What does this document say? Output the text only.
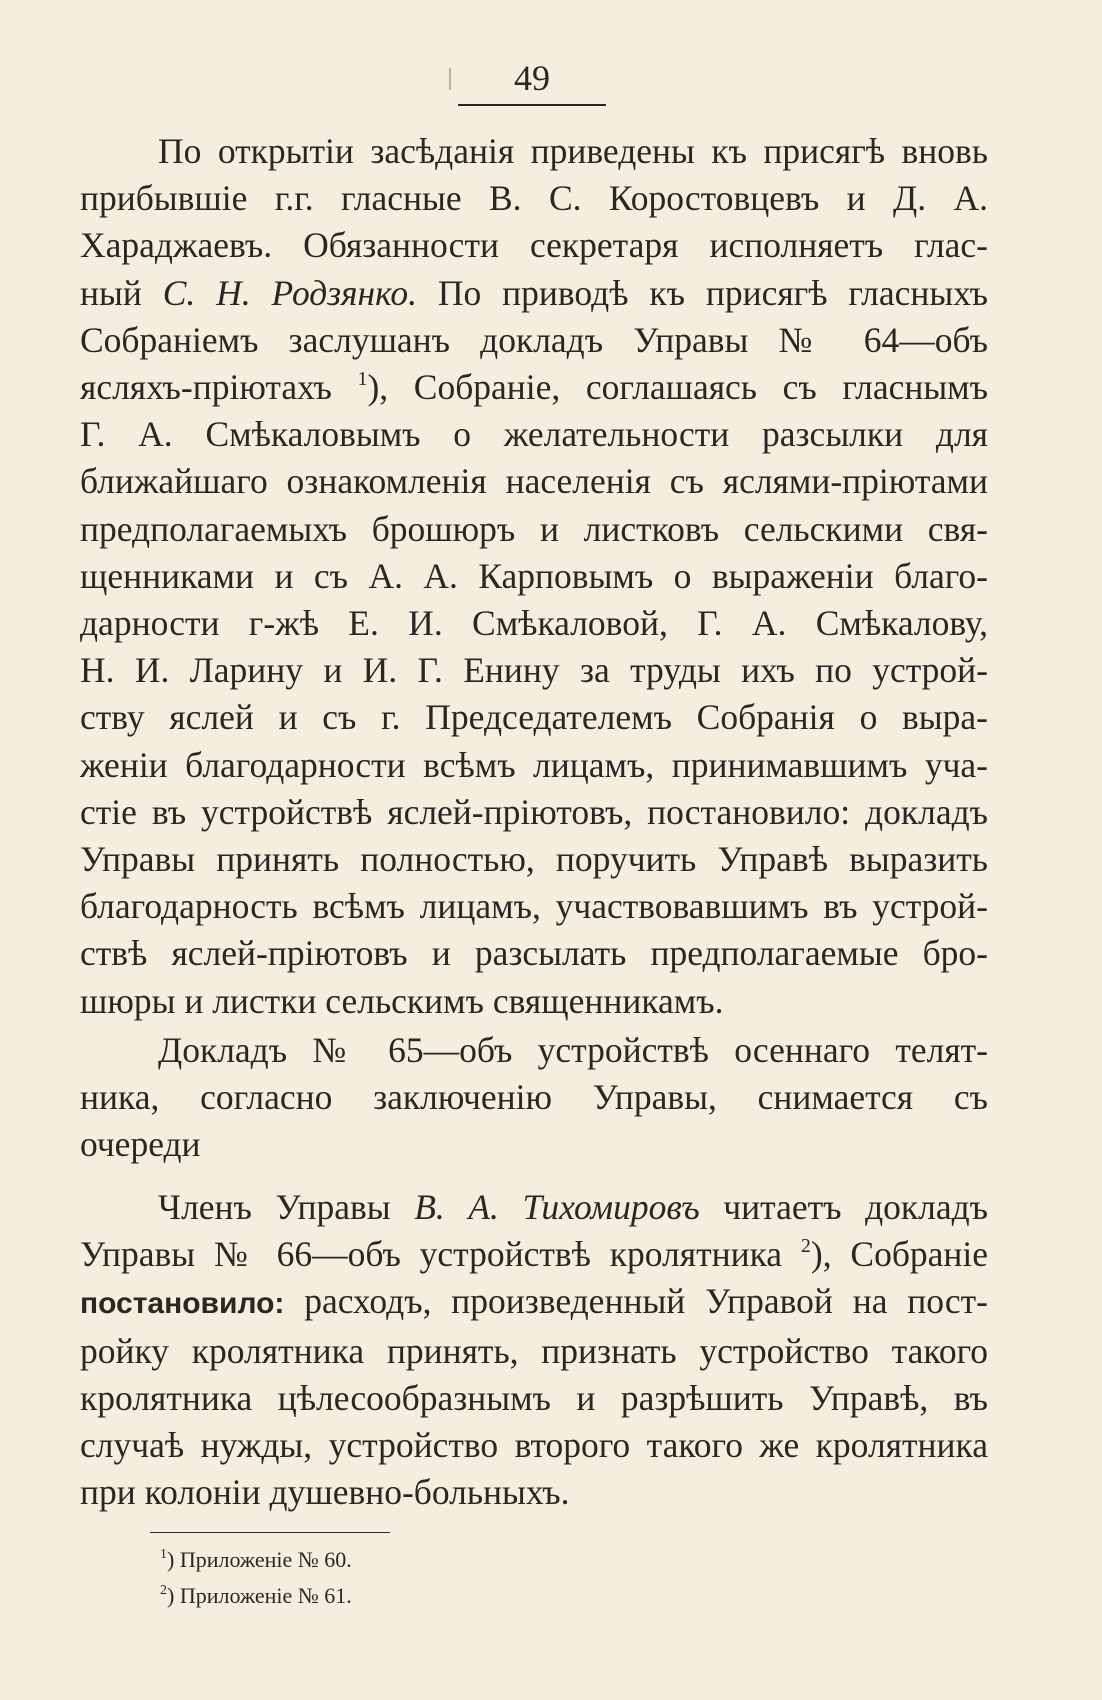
49
По открытіи засѣданія приведены къ присягѣ вновь
прибывшіе г.г. гласные В. С. Коростовцевъ и Д. А.
Хараджаевъ. Обязанности секретаря исполняетъ глас-
ный С. Н. Родзянко. По приводѣ къ присягѣ гласныхъ
Собраніемъ заслушанъ докладъ Управы № 64—объ
ясляхъ-пріютахъ $^1$), Собраніе, соглашаясь съ гласнымъ
Г. А. Смѣкаловымъ о желательности разсылки для
ближайшаго ознакомленія населенія съ яслями-пріютами
предполагаемыхъ брошюръ и листковъ сельскими свя-
щенниками и съ А. А. Карповымъ о выраженіи благо-
дарности г-жѣ Е. И. Смѣкаловой, Г. А. Смѣкалову,
Н. И. Ларину и И. Г. Енину за труды ихъ по устрой-
ству яслей и съ г. Председателемъ Собранія о выра-
женіи благодарности всѣмъ лицамъ, принимавшимъ уча-
стіе въ устройствѣ яслей-пріютовъ, постановило: докладъ
Управы принять полностью, поручить Управѣ выразить
благодарность всѣмъ лицамъ, участвовавшимъ въ устрой-
ствѣ яслей-пріютовъ и разсылать предполагаемые бро-
шюры и листки сельскимъ священникамъ.
Докладъ № 65—объ устройствѣ осеннаго телят-
ника, согласно заключенію Управы, снимается съ
очереди
Членъ Управы В. А. Тихомировъ читаетъ докладъ
Управы № 66—объ устройствѣ кролятника $^2$), Собраніе
постановило: расходъ, произведенный Управой на пост-
ройку кролятника принять, признать устройство такого
кролятника цѣлесообразнымъ и разрѣшить Управѣ, въ
случаѣ нужды, устройство второго такого же кролятника
при колоніи душевно-больныхъ.
$^1$) Приложеніе № 60.
$^2$) Приложеніе № 61.
